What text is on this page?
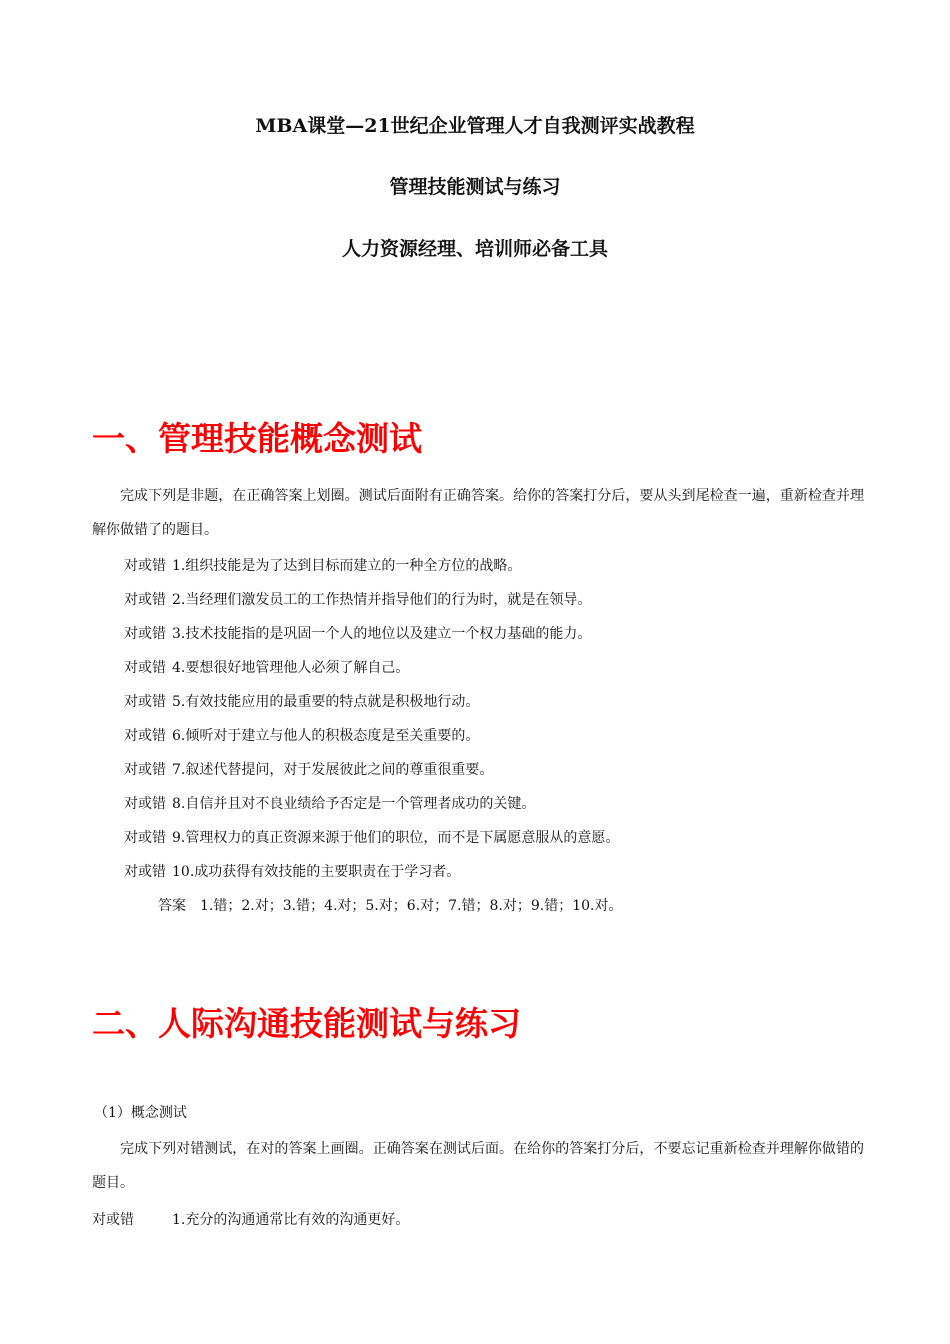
MBA课堂—21世纪企业管理人才自我测评实战教程
管理技能测试与练习
人力资源经理、培训师必备工具
一、管理技能概念测试

完成下列是非题，在正确答案上划圈。测试后面附有正确答案。给你的答案打分后，要从头到尾检查一遍，重新检查并理解你做错了的题目。

对或错 1.组织技能是为了达到目标而建立的一种全方位的战略。

对或错 2.当经理们激发员工的工作热情并指导他们的行为时，就是在领导。

对或错 3.技术技能指的是巩固一个人的地位以及建立一个权力基础的能力。

对或错 4.要想很好地管理他人必须了解自己。

对或错 5.有效技能应用的最重要的特点就是积极地行动。

对或错 6.倾听对于建立与他人的积极态度是至关重要的。

对或错 7.叙述代替提问，对于发展彼此之间的尊重很重要。

对或错 8.自信并且对不良业绩给予否定是一个管理者成功的关键。

对或错 9.管理权力的真正资源来源于他们的职位，而不是下属愿意服从的意愿。

对或错 10.成功获得有效技能的主要职责在于学习者。

答案 1.错；2.对；3.错；4.对；5.对；6.对；7.错；8.对；9.错；10.对。

二、人际沟通技能测试与练习

（1）概念测试

完成下列对错测试，在对的答案上画圈。正确答案在测试后面。在给你的答案打分后，不要忘记重新检查并理解你做错的题目。

对或错	1.充分的沟通通常比有效的沟通更好。
